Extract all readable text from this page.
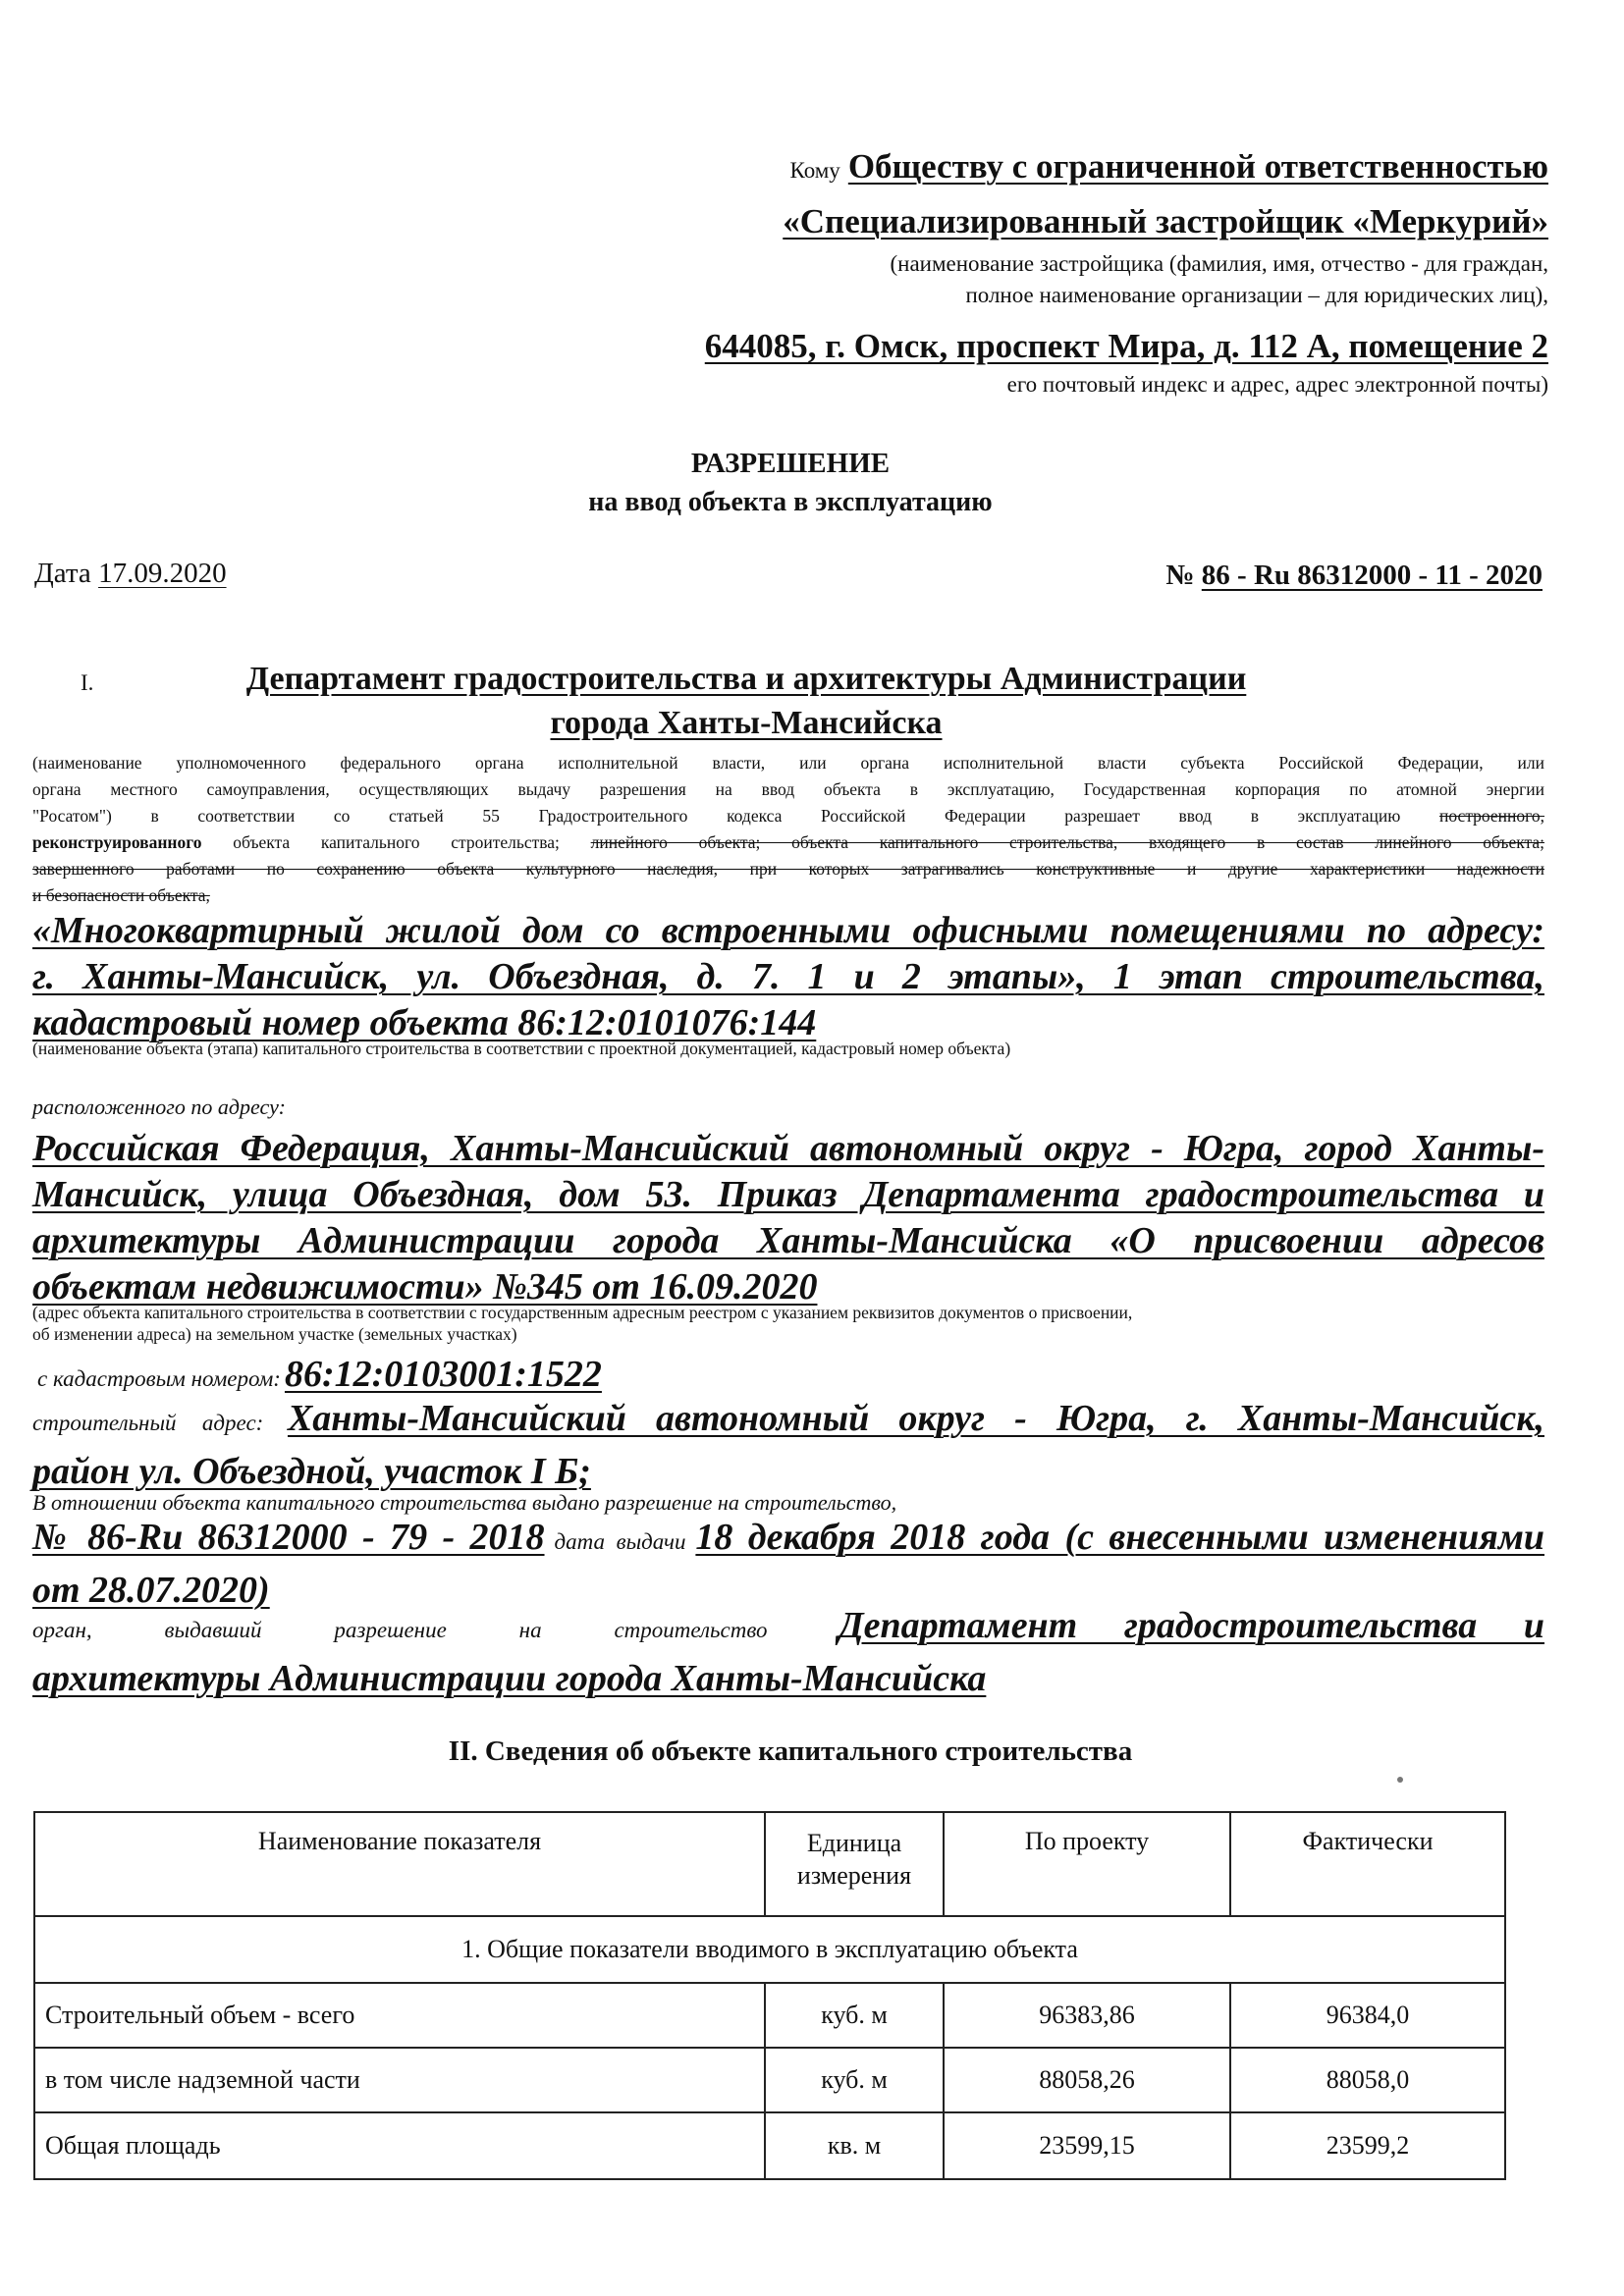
Кому Обществу с ограниченной ответственностью
«Специализированный застройщик «Меркурий»
(наименование застройщика (фамилия, имя, отчество - для граждан,
полное наименование организации – для юридических лиц),
644085, г. Омск, проспект Мира, д. 112 А, помещение 2
его почтовый индекс и адрес, адрес электронной почты)
РАЗРЕШЕНИЕ
на ввод объекта в эксплуатацию
Дата 17.09.2020	№ 86 - Ru 86312000 - 11 - 2020
I.	Департамент градостроительства и архитектуры Администрации
города Ханты-Мансийска
(наименование уполномоченного федерального органа исполнительной власти, или органа исполнительной власти субъекта Российской Федерации, или
органа местного самоуправления, осуществляющих выдачу разрешения на ввод объекта в эксплуатацию, Государственная корпорация по атомной энергии
"Росатом") в соответствии со статьей 55 Градостроительного кодекса Российской Федерации разрешает ввод в эксплуатацию построенного,
реконструированного объекта капитального строительства; линейного объекта; объекта капитального строительства, входящего в состав линейного объекта;
завершенного работами по сохранению объекта культурного наследия, при которых затрагивались конструктивные и другие характеристики надежности
и безопасности объекта,
«Многоквартирный жилой дом со встроенными офисными помещениями по адресу:
г. Ханты-Мансийск, ул. Объездная, д. 7. 1 и 2 этапы», 1 этап строительства,
кадастровый номер объекта 86:12:0101076:144
(наименование объекта (этапа) капитального строительства в соответствии с проектной документацией, кадастровый номер объекта)
расположенного по адресу:
Российская Федерация, Ханты-Мансийский автономный округ - Югра, город Ханты-
Мансийск, улица Объездная, дом 53. Приказ Департамента градостроительства и
архитектуры Администрации города Ханты-Мансийска «О присвоении адресов
объектам недвижимости» №345 от 16.09.2020
(адрес объекта капитального строительства в соответствии с государственным адресным реестром с указанием реквизитов документов о присвоении,
об изменении адреса) на земельном участке (земельных участках)
с кадастровым номером: 86:12:0103001:1522
строительный адрес: Ханты-Мансийский автономный округ - Югра, г. Ханты-Мансийск,
район ул. Объездной, участок I Б;
В отношении объекта капитального строительства выдано разрешение на строительство,
№ 86-Ru 86312000 - 79 - 2018 дата выдачи 18 декабря 2018 года (с внесенными изменениями
от 28.07.2020)
орган, выдавший разрешение на строительство Департамент градостроительства и
архитектуры Администрации города Ханты-Мансийска
II. Сведения об объекте капитального строительства
Наименование показателя	Единица измерения	По проекту	Фактически
1. Общие показатели вводимого в эксплуатацию объекта			
Строительный объем - всего	куб. м	96383,86	96384,0
в том числе надземной части	куб. м	88058,26	88058,0
Общая площадь	кв. м	23599,15	23599,2
